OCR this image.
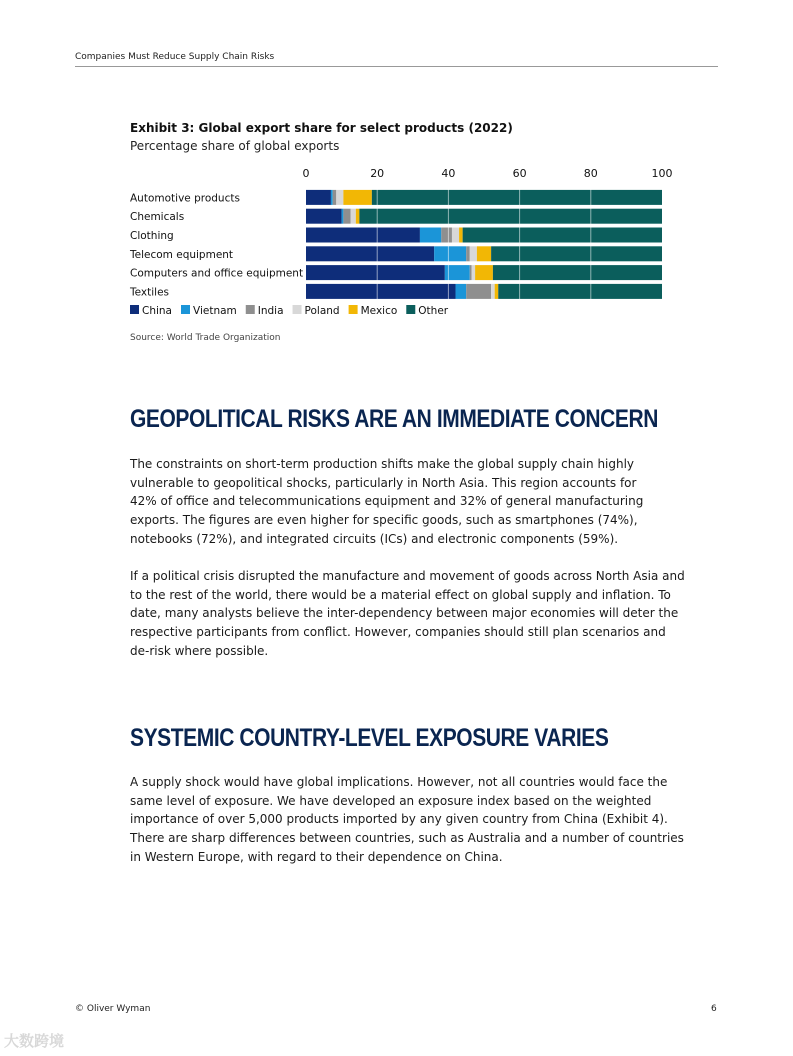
Companies Must Reduce Supply Chain Risks
Exhibit 3: Global export share for select products (2022)
Percentage share of global exports
0	20	40	60	80	100
Automotive products
Chemicals
Clothing
Telecom equipment
Computers and office equipment
Textiles
China Vietnam India Poland Mexico Other
Source: World Trade Organization
GEOPOLITICAL RISKS ARE AN IMMEDIATE CONCERN

The constraints on short-term production shifts make the global supply chain highly
vulnerable to geopolitical shocks, particularly in North Asia. This region accounts for
42% of office and telecommunications equipment and 32% of general manufacturing
exports. The figures are even higher for specific goods, such as smartphones (74%),
notebooks (72%), and integrated circuits (ICs) and electronic components (59%).

If a political crisis disrupted the manufacture and movement of goods across North Asia and
to the rest of the world, there would be a material effect on global supply and inflation. To
date, many analysts believe the inter-dependency between major economies will deter the
respective participants from conflict. However, companies should still plan scenarios and
de-risk where possible.

SYSTEMIC COUNTRY-LEVEL EXPOSURE VARIES

A supply shock would have global implications. However, not all countries would face the
same level of exposure. We have developed an exposure index based on the weighted
importance of over 5,000 products imported by any given country from China (Exhibit 4).
There are sharp differences between countries, such as Australia and a number of countries
in Western Europe, with regard to their dependence on China.

© Oliver Wyman	6
大数跨境
